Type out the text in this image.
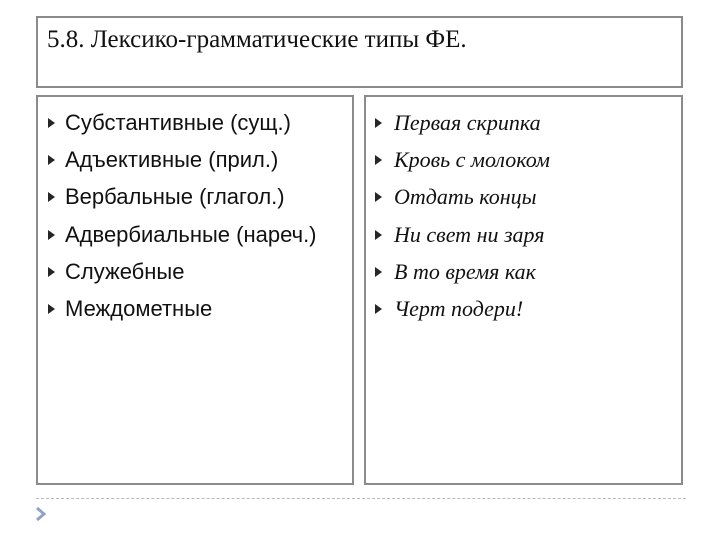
5.8. Лексико-грамматические типы ФЕ.
Субстантивные (сущ.)
Адъективные (прил.)
Вербальные (глагол.)
Адвербиальные (нареч.)
Служебные
Междометные
Первая скрипка
Кровь с молоком
Отдать концы
Ни свет ни заря
В то время как
Черт подери!
